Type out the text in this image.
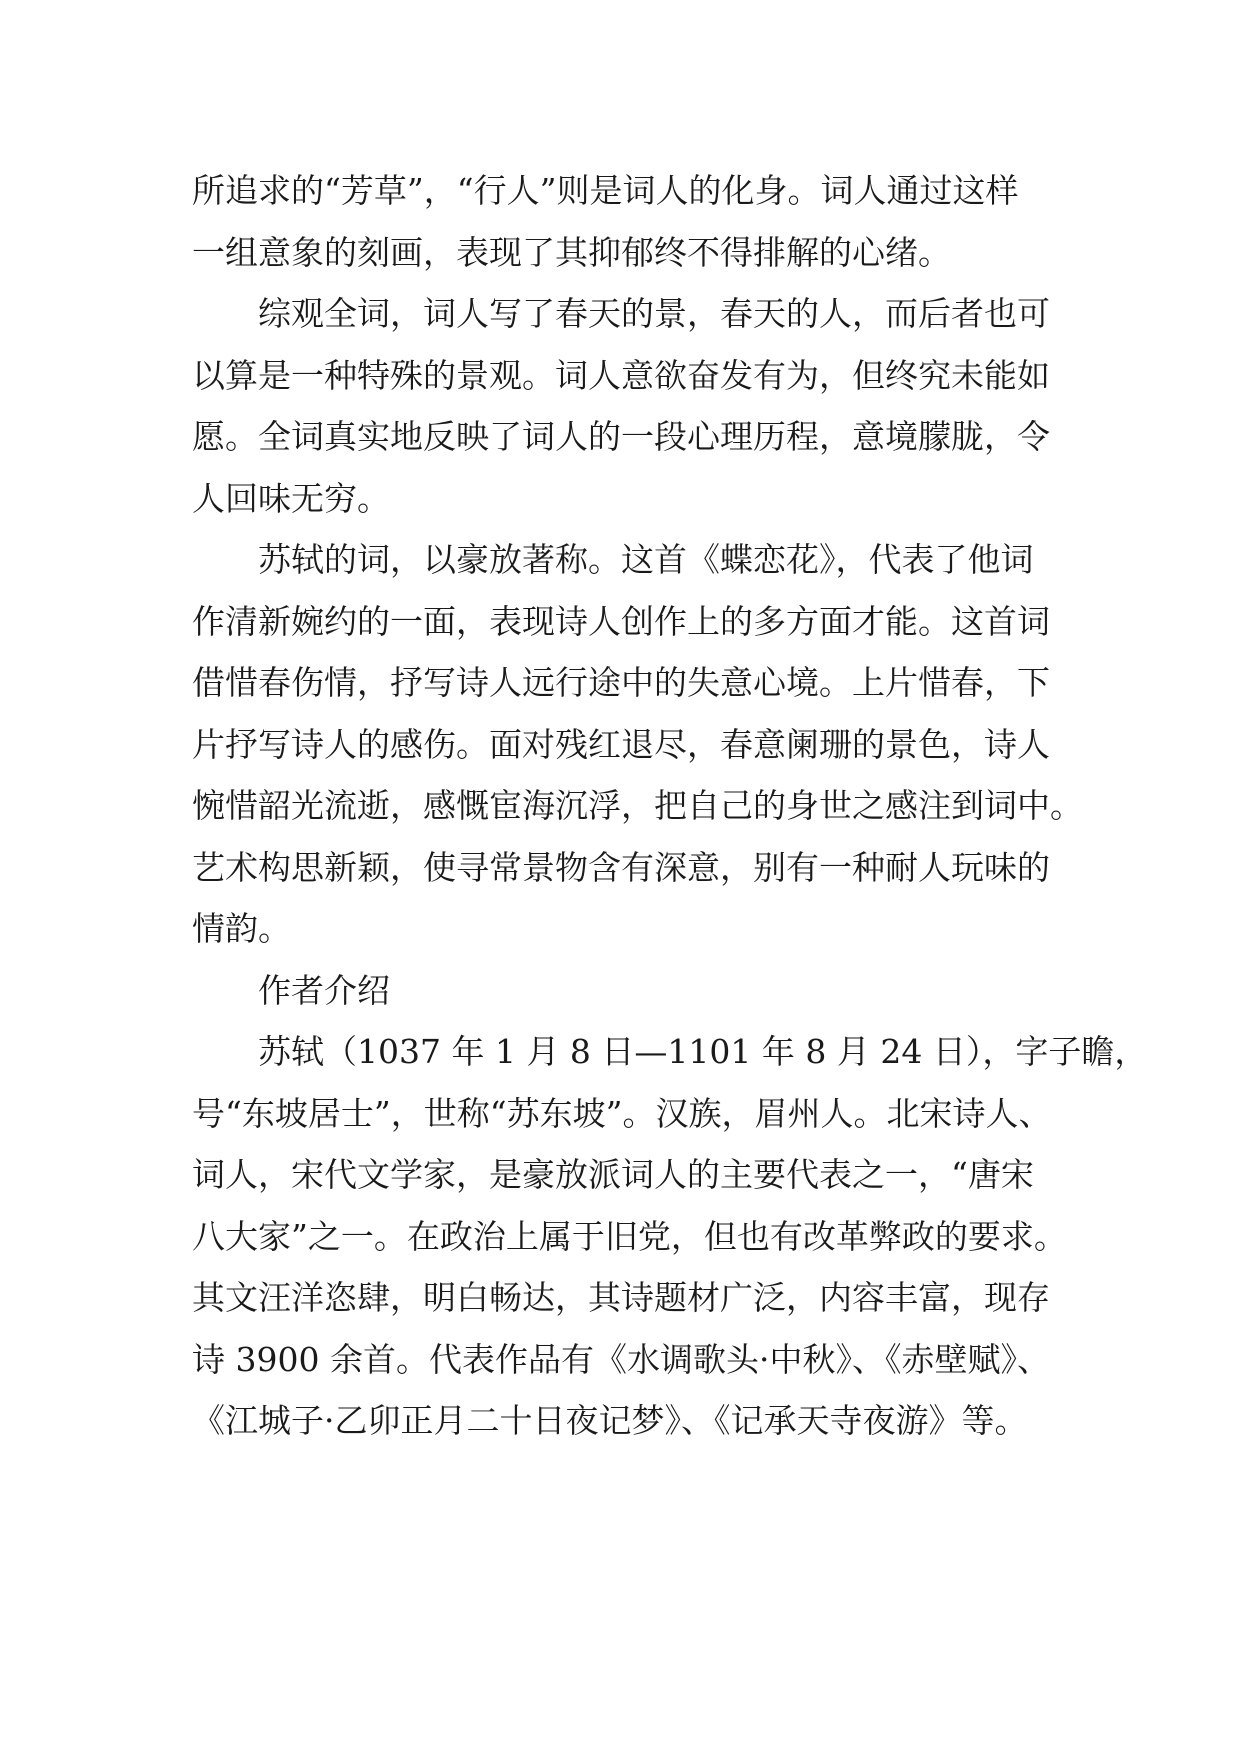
所追求的“芳草”，“行人”则是词人的化身。词人通过这样
一组意象的刻画，表现了其抑郁终不得排解的心绪。
综观全词，词人写了春天的景，春天的人，而后者也可
以算是一种特殊的景观。词人意欲奋发有为，但终究未能如
愿。全词真实地反映了词人的一段心理历程，意境朦胧，令
人回味无穷。
苏轼的词，以豪放著称。这首《蝶恋花》，代表了他词
作清新婉约的一面，表现诗人创作上的多方面才能。这首词
借惜春伤情，抒写诗人远行途中的失意心境。上片惜春，下
片抒写诗人的感伤。面对残红退尽，春意阑珊的景色，诗人
惋惜韶光流逝，感慨宦海沉浮，把自己的身世之感注到词中。
艺术构思新颖，使寻常景物含有深意，别有一种耐人玩味的
情韵。
作者介绍
苏轼（1037 年 1 月 8 日—1101 年 8 月 24 日），字子瞻，
号“东坡居士”，世称“苏东坡”。汉族，眉州人。北宋诗人、
词人，宋代文学家，是豪放派词人的主要代表之一，“唐宋
八大家”之一。在政治上属于旧党，但也有改革弊政的要求。
其文汪洋恣肆，明白畅达，其诗题材广泛，内容丰富，现存
诗 3900 余首。代表作品有《水调歌头·中秋》、《赤壁赋》、
《江城子·乙卯正月二十日夜记梦》、《记承天寺夜游》等。
